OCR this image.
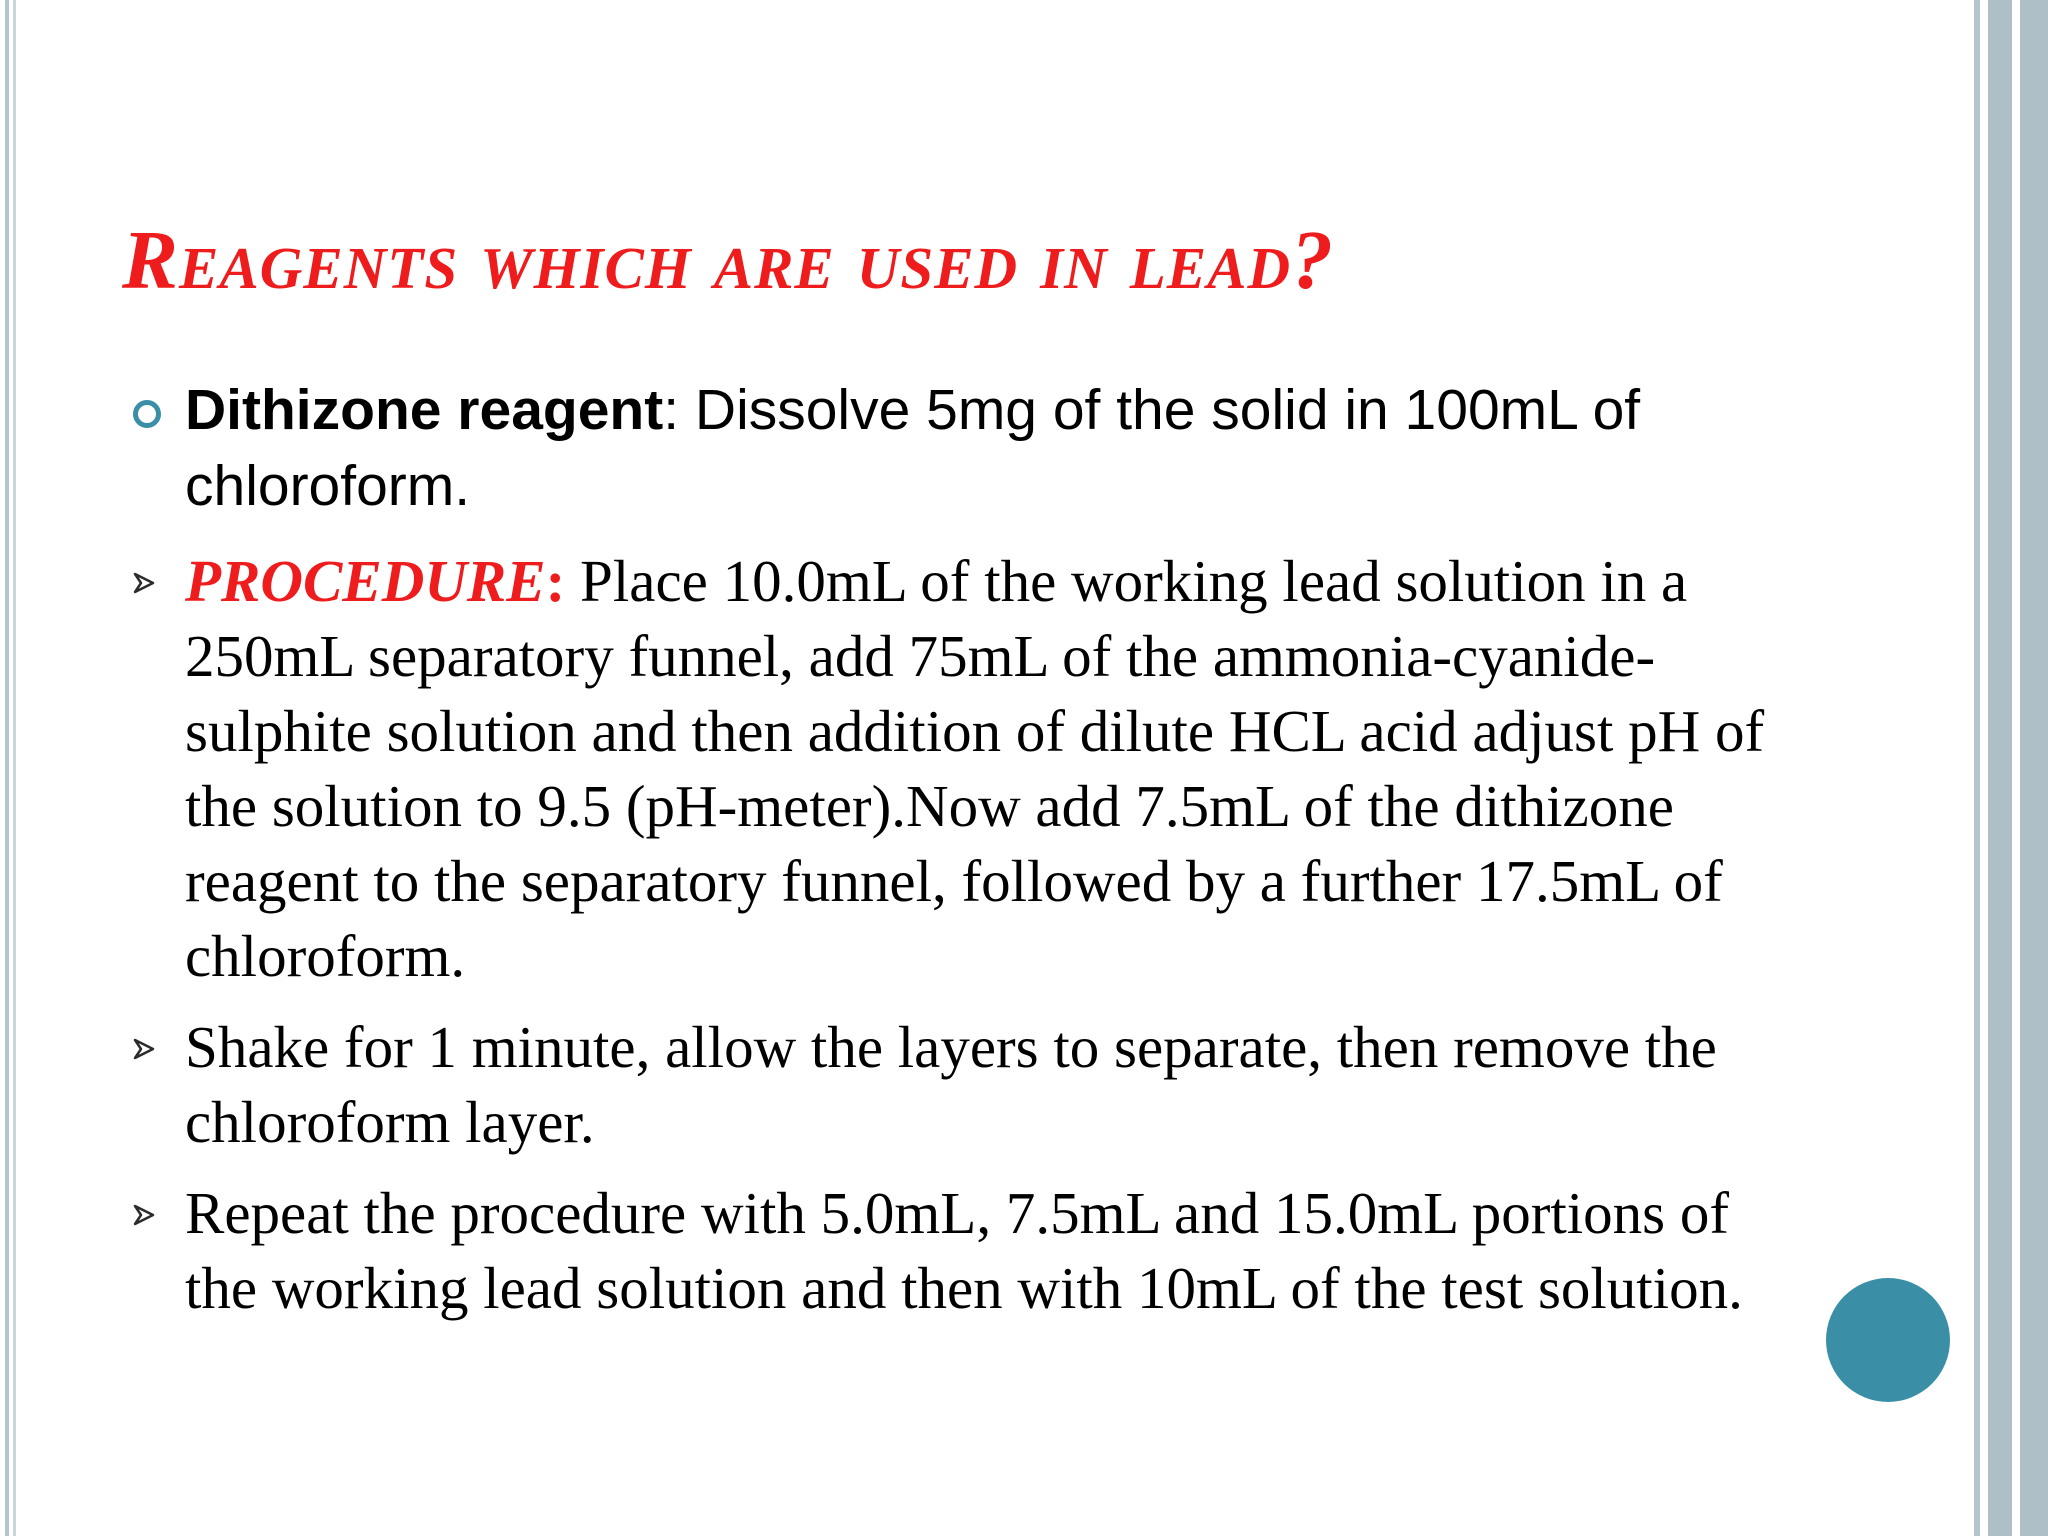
Reagents which are used in lead?
Dithizone reagent: Dissolve 5mg of the solid in 100mL of chloroform.
PROCEDURE: Place 10.0mL of the working lead solution in a 250mL separatory funnel, add 75mL of the ammonia-cyanide-sulphite solution and then addition of dilute HCL acid adjust pH of the solution to 9.5 (pH-meter).Now add 7.5mL of the dithizone reagent to the separatory funnel, followed by a further 17.5mL of chloroform.
Shake for 1 minute, allow the layers to separate, then remove the chloroform layer.
Repeat the procedure with 5.0mL, 7.5mL and 15.0mL portions of the working lead solution and then with 10mL of the test solution.
